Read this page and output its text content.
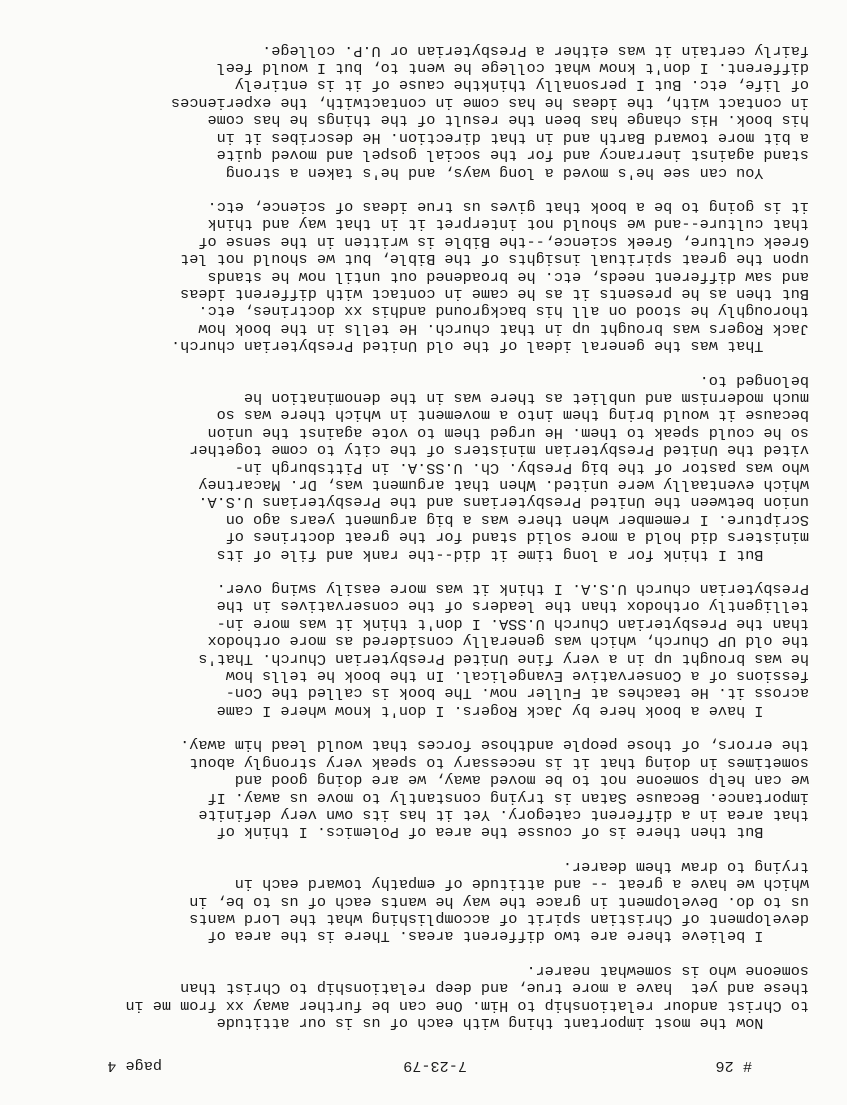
# 26
7-23-79
page 4
Now the most important thing with each of us is our attitude
to Christ andour relationship to Him. One can be further away xx from me in
these and yet  have a more true, and deep relationship to Christ than
someone who is somewhat nearer.
I believe there are two different areas. There is the area of
development of Christian spirit of accomplishing what the Lord wants
us to do. Development in grace the way he wants each of us to be, in
which we have a great -- and attitude of empathy toward each in
trying to draw them dearer.
But then there is of cousse the area of Polemics. I think of
that area in a different category. Yet it has its own very definite
importance. Because Satan is trying constantly to move us away. If
we can help someone not to be moved away, we are doing good and
sometimes in doing that it is necessary to speak very strongly about
the errors, of those people andthose forces that would lead him away.
I have a book here by Jack Rogers. I don't know where I came
across it. He teaches at Fuller now. The book is called the Con-
fessions of a Conservative Evangelical. In the book he tells how
he was brought up in a very fine United Presbyterian Church. That's
the old UP Church, which was generally considered as more orthodox
than the Presbyterian Church U.SSA. I don't think it was more in-
telligently orthodox than the leaders of the conservatives in the
Presbyterian church U.S.A. I think it was more easily swing over.
But I think for a long time it did--the rank and file of its
ministers did hold a more solid stand for the great doctrines of
Scripture. I remember when there was a big argument years ago on
union between the United Presbyterians and the Presbyterians U.S.A.
which eventaally were united. When that argument was, Dr. Macartney
who was pastor of the big Presby. Ch. U.SS.A. in Pittsburgh in-
vited the United Presbyterian ministers of the city to come together
so he could speak to them. He urged them to vote against the union
because it would bring them into a movement in which there was so
much modernism and unbliet as there was in the denomination he
belonged to.
That was the general ideal of the old United Presbyterian church.
Jack Rogers was brought up in that church. He tells in the book how
thoroughly he stood on all his background andhis xx doctrines, etc.
But then as he presents it as he came in contact with different ideas
and saw different needs, etc. he broadened out until now he stands
upon the great spiritual insights of the Bible, but we should not let
Greek culture, Greek science,--the Bible is written in the sense of
that culture--and we should not interpret it in that way and think
it is going to be a book that gives us true ideas of science, etc.
You can see he's moved a long ways, and he's taken a strong
stand against inerrancy and for the social gospel and moved quite
a bit more toward Barth and in that direction. He describes it in
his book. His change has been the result of the things he has come
in contact with, the ideas he has come in contactwith, the experiences
of life, etc. But I personally thinkthe cause of it is entirely
different. I don't know what college he went to, but I would feel
fairly certain it was either a Presbyterian or U.P. college.
